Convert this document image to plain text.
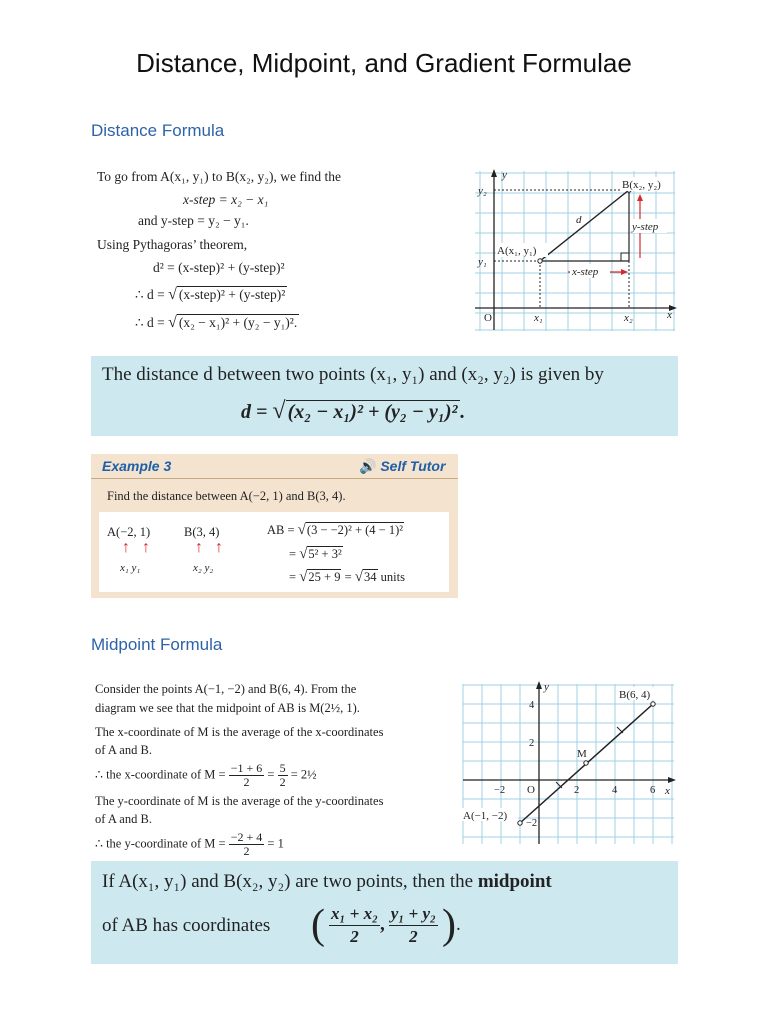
Distance, Midpoint, and Gradient Formulae
Distance Formula
To go from A(x₁, y₁) to B(x₂, y₂), we find the
x-step = x₂ − x₁
and y-step = y₂ − y₁.
Using Pythagoras’ theorem,
d² = (x-step)² + (y-step)²
∴ d = √ (x-step)² + (y-step)²
∴ d = √ (x₂ − x₁)² + (y₂ − y₁)².
x-step
y-step
d
B(x₂, y₂)
A(x₁, y₁)
y₂
y₁
y
O	x₁	x₂	x
The distance d between two points (x₁, y₁) and (x₂, y₂) is given by
d = √ (x₂ − x₁)² + (y₂ − y₁)² .
Example 3	🔊 Self Tutor
Find the distance between A(−2, 1) and B(3, 4).
A(−2, 1)
↑ ↑
x₁ y₁
B(3, 4)
↑ ↑
x₂ y₂
AB = √(3 − −2)² + (4 − 1)²
= √5² + 3²
= √25 + 9 = √34 units
Midpoint Formula
Consider the points A(−1, −2) and B(6, 4). From the
diagram we see that the midpoint of AB is M(2½, 1).
The x-coordinate of M is the average of the x-coordinates
of A and B.
∴ the x-coordinate of $M = \frac{-1 + 6}{2} = \frac{5}{2}$ = 2½
The y-coordinate of M is the average of the y-coordinates
of A and B.
∴ the y-coordinate of $M = \frac{-2 + 4}{2} = 1$
B(6, 4)
A(−1, −2)
M
y
x
O
−2	2	4	6
4
2
−2
If A(x₁, y₁) and B(x₂, y₂) are two points, then the midpoint
of AB has coordinates ( $\frac{\text{x₁ + x₂}}{2}$ , $\frac{\text{y₁ + y₂}}{2}$ ).
